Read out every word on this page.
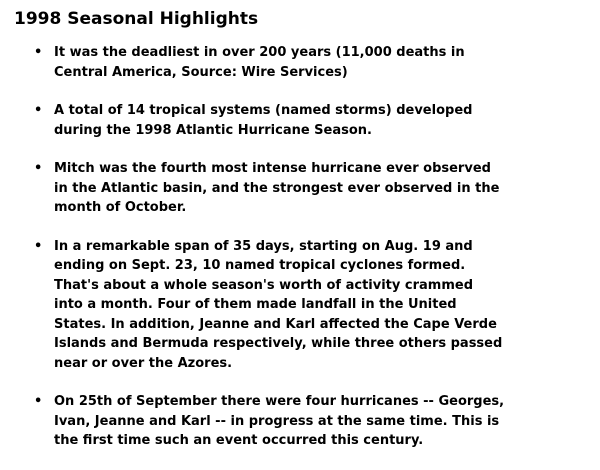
1998 Seasonal Highlights
• It was the deadliest in over 200 years (11,000 deaths in
Central America, Source: Wire Services)
• A total of 14 tropical systems (named storms) developed
during the 1998 Atlantic Hurricane Season.
• Mitch was the fourth most intense hurricane ever observed
in the Atlantic basin, and the strongest ever observed in the
month of October.
• In a remarkable span of 35 days, starting on Aug. 19 and
ending on Sept. 23, 10 named tropical cyclones formed.
That's about a whole season's worth of activity crammed
into a month. Four of them made landfall in the United
States. In addition, Jeanne and Karl affected the Cape Verde
Islands and Bermuda respectively, while three others passed
near or over the Azores.
• On 25th of September there were four hurricanes -- Georges,
Ivan, Jeanne and Karl -- in progress at the same time. This is
the first time such an event occurred this century.
